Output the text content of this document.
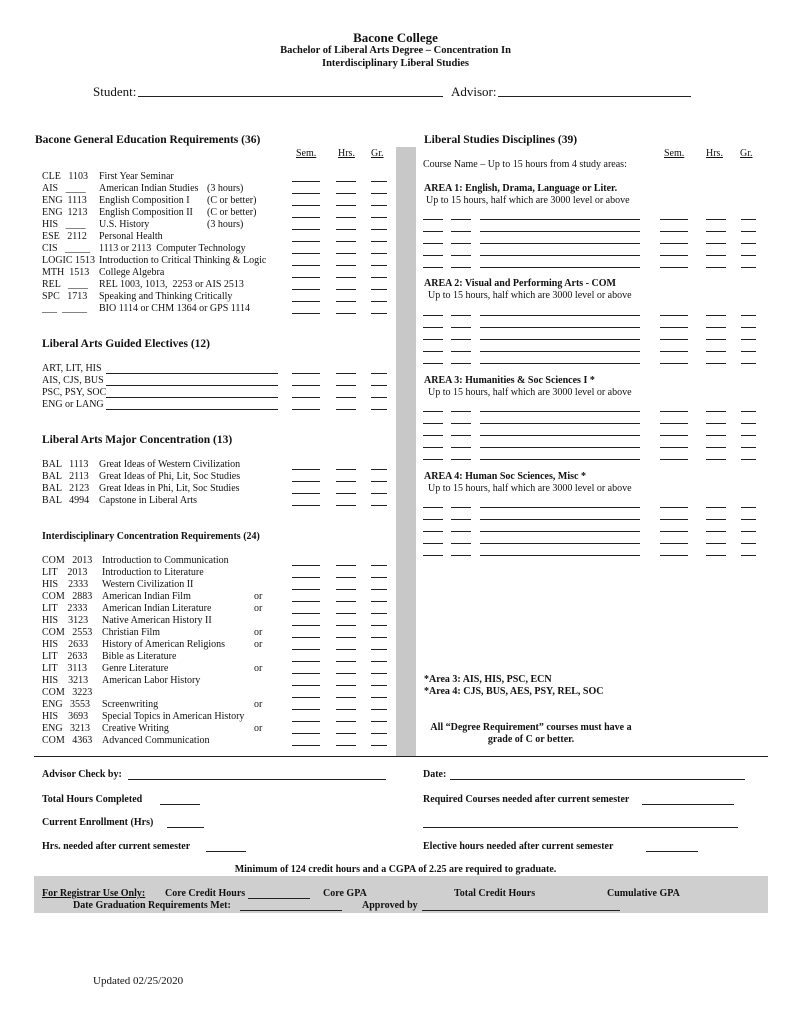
Bacone College
Bachelor of Liberal Arts Degree – Concentration In
Interdisciplinary Liberal Studies
Student:	Advisor:
Bacone General Education Requirements (36)
Sem. Hrs. Gr.
Liberal Arts Guided Electives (12)
Liberal Arts Major Concentration (13)
Interdisciplinary Concentration Requirements (24)
Liberal Studies Disciplines (39)
Sem. Hrs. Gr.
Course Name – Up to 15 hours from 4 study areas:
AREA 1: English, Drama, Language or Liter.
Up to 15 hours, half which are 3000 level or above
AREA 2: Visual and Performing Arts - COM
Up to 15 hours, half which are 3000 level or above
AREA 3: Humanities & Soc Sciences I *
Up to 15 hours, half which are 3000 level or above
AREA 4: Human Soc Sciences, Misc *
Up to 15 hours, half which are 3000 level or above
*Area 3: AIS, HIS, PSC, ECN
*Area 4: CJS, BUS, AES, PSY, REL, SOC
All “Degree Requirement” courses must have a
grade of C or better.
Advisor Check by:	Date:
Total Hours Completed	Required Courses needed after current semester
Current Enrollment (Hrs)
Hrs. needed after current semester	Elective hours needed after current semester
Minimum of 124 credit hours and a CGPA of 2.25 are required to graduate.
For Registrar Use Only: Core Credit Hours	Core GPA	Total Credit Hours	Cumulative GPA
Date Graduation Requirements Met:	Approved by
Updated 02/25/2020
CLE   1103 First Year Seminar
AIS   ____ American Indian Studies (3 hours)
ENG  1113 English Composition I (C or better)
ENG  1213 English Composition II (C or better)
HIS   ____ U.S. History	(3 hours)
ESE   2112 Personal Health
CIS   _____ 1113 or 2113  Computer Technology
LOGIC 1513 Introduction to Critical Thinking & Logic
MTH  1513 College Algebra
REL   ____ REL 1003, 1013,  2253 or AIS 2513
SPC   1713 Speaking and Thinking Critically
___  _____ BIO 1114 or CHM 1364 or GPS 1114
ART, LIT, HIS
AIS, CJS, BUS
PSC, PSY, SOC
ENG or LANG
BAL   1113 Great Ideas of Western Civilization
BAL   2113 Great Ideas of Phi, Lit, Soc Studies
BAL   2123 Great Ideas in Phi, Lit, Soc Studies
BAL   4994 Capstone in Liberal Arts
COM   2013 Introduction to Communication
LIT    2013 Introduction to Literature
HIS    2333 Western Civilization II
COM   2883 American Indian Film	or
LIT    2333 American Indian Literature	or
HIS    3123 Native American History II
COM   2553 Christian Film	or
HIS    2633 History of American Religions	or
LIT    2633 Bible as Literature
LIT    3113 Genre Literature	or
HIS    3213 American Labor History
COM   3223
ENG   3553 Screenwriting	or
HIS    3693 Special Topics in American History
ENG   3213 Creative Writing	or
COM   4363 Advanced Communication
